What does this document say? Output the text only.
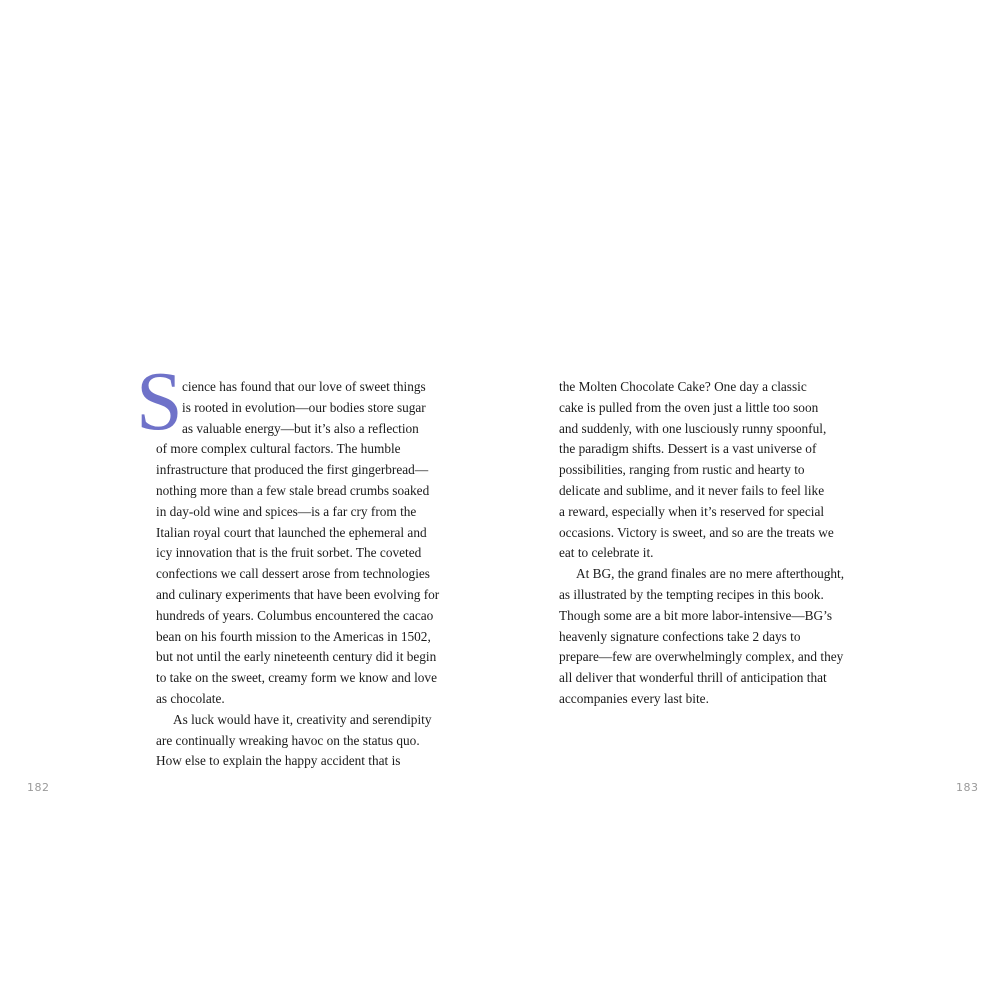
S cience has found that our love of sweet things
is rooted in evolution—our bodies store sugar
as valuable energy—but it’s also a reflection
of more complex cultural factors. The humble
infrastructure that produced the first gingerbread—
nothing more than a few stale bread crumbs soaked
in day-old wine and spices—is a far cry from the
Italian royal court that launched the ephemeral and
icy innovation that is the fruit sorbet. The coveted
confections we call dessert arose from technologies
and culinary experiments that have been evolving for
hundreds of years. Columbus encountered the cacao
bean on his fourth mission to the Americas in 1502,
but not until the early nineteenth century did it begin
to take on the sweet, creamy form we know and love
as chocolate.
As luck would have it, creativity and serendipity
are continually wreaking havoc on the status quo.
How else to explain the happy accident that is
182
the Molten Chocolate Cake? One day a classic
cake is pulled from the oven just a little too soon
and suddenly, with one lusciously runny spoonful,
the paradigm shifts. Dessert is a vast universe of
possibilities, ranging from rustic and hearty to
delicate and sublime, and it never fails to feel like
a reward, especially when it’s reserved for special
occasions. Victory is sweet, and so are the treats we
eat to celebrate it.
At BG, the grand finales are no mere afterthought,
as illustrated by the tempting recipes in this book.
Though some are a bit more labor-intensive—BG’s
heavenly signature confections take 2 days to
prepare—few are overwhelmingly complex, and they
all deliver that wonderful thrill of anticipation that
accompanies every last bite.
183
